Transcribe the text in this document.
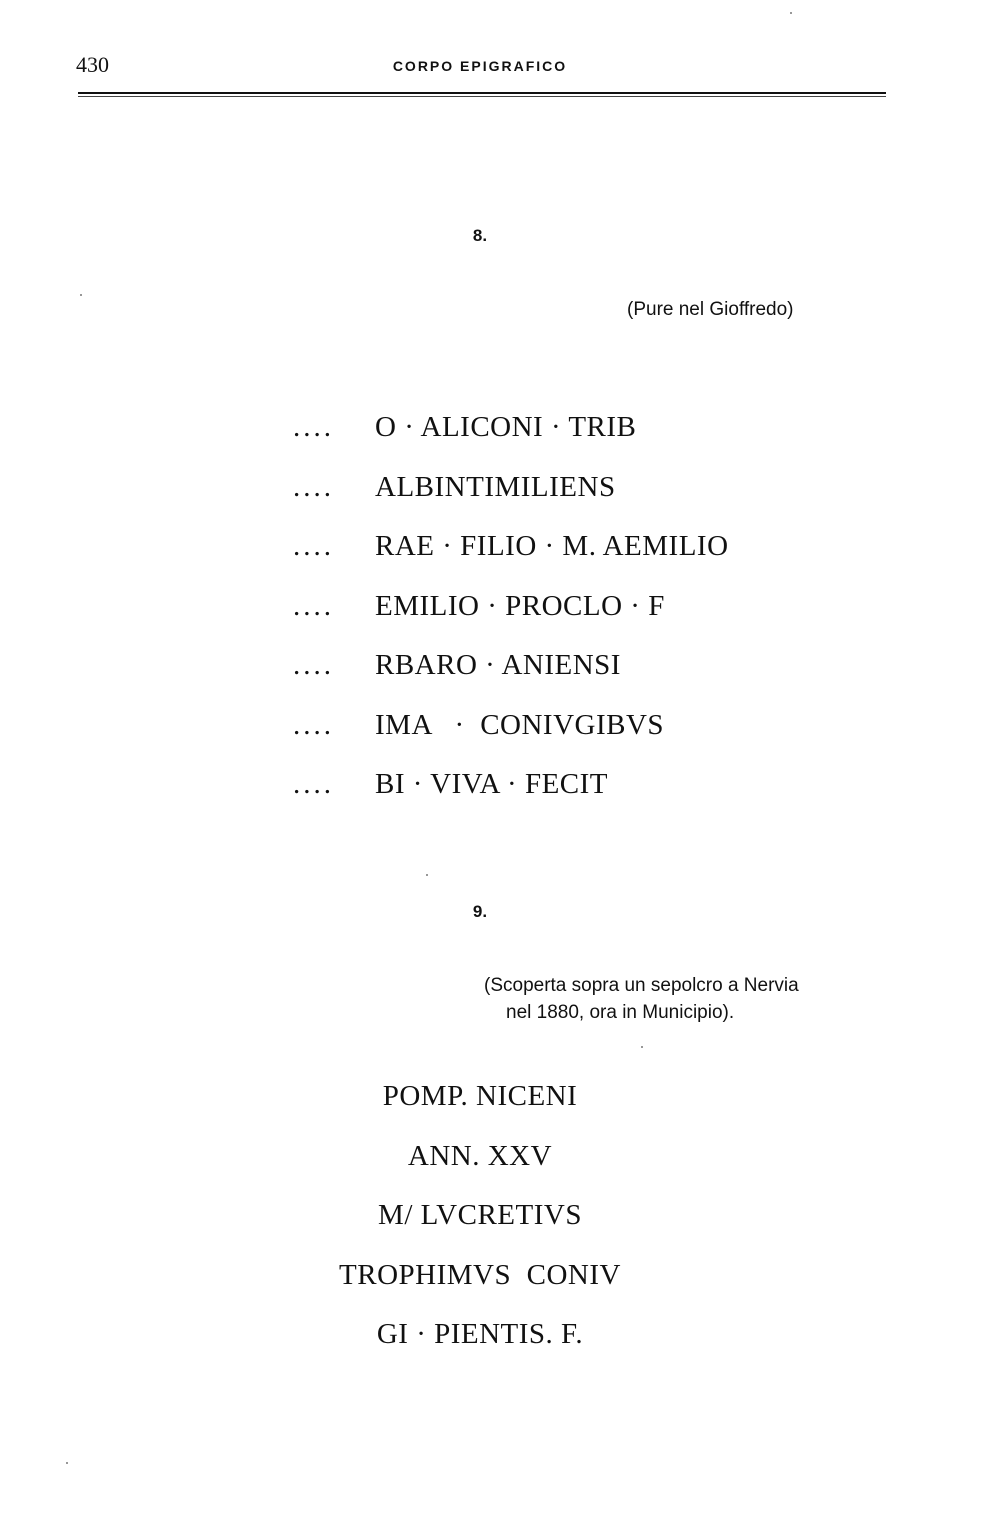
430	CORPO EPIGRAFICO
8.
(Pure nel Gioffredo)

.... O · ALICONI · TRIB

.... ALBINTIMILIENS

.... RAE · FILIO · M. AEMILIO

.... EMILIO · PROCLO · F

.... RBARO · ANIENSI

.... IMA   ·  CONIVGIBVS

.... BI · VIVA · FECIT

9.
(Scoperta sopra un sepolcro a Nervia
nel 1880, ora in Municipio).
POMP. NICENI
ANN. XXV
M/ LVCRETIVS
TROPHIMVS  CONIV
GI · PIENTIS. F.
